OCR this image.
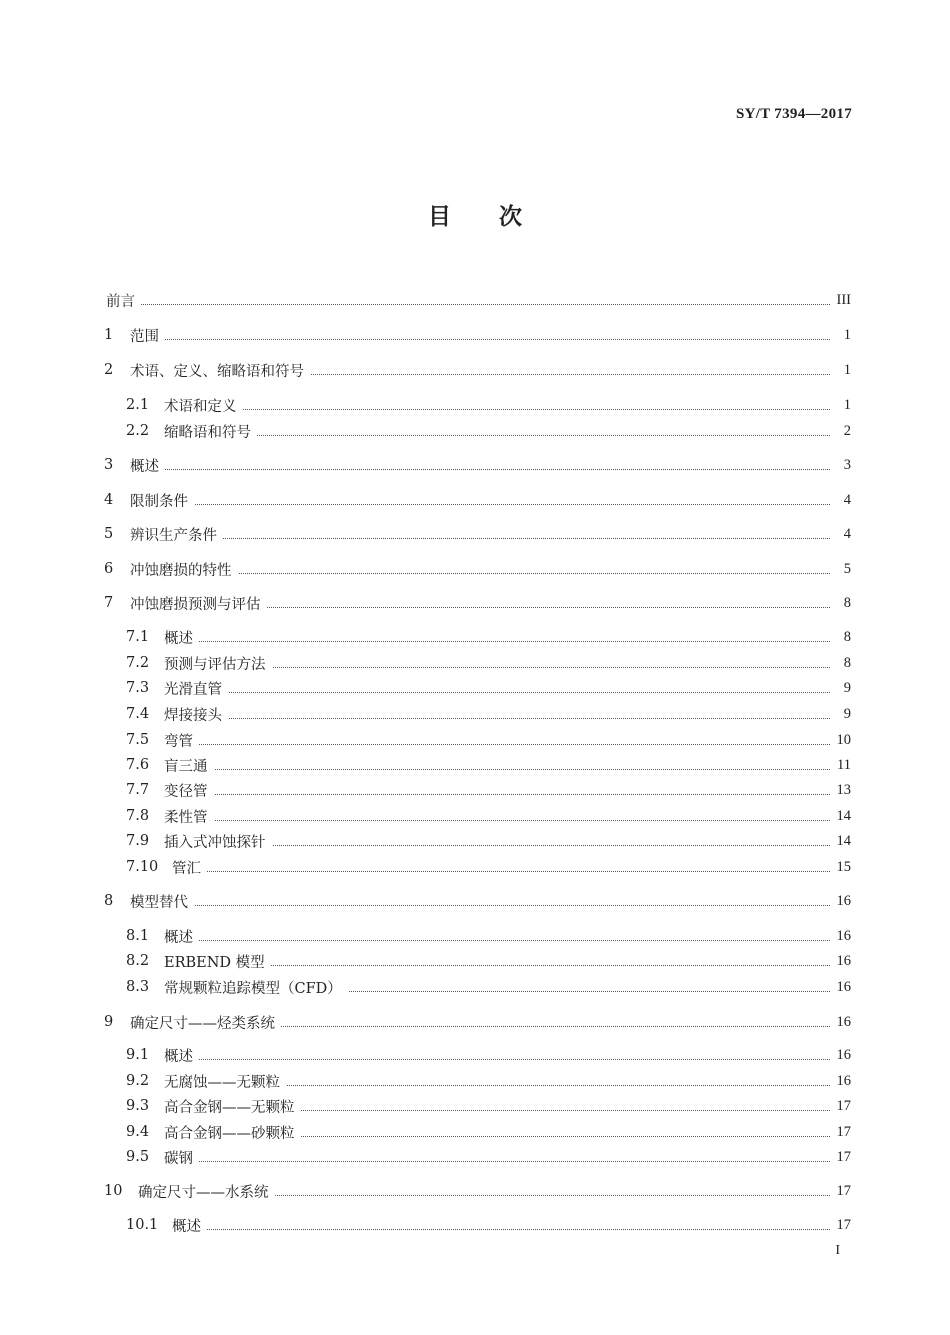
SY/T 7394—2017
目次
前言	III
1 范围	1
2 术语、定义、缩略语和符号	1
2.1 术语和定义	1
2.2 缩略语和符号	2
3 概述	3
4 限制条件	4
5 辨识生产条件	4
6 冲蚀磨损的特性	5
7 冲蚀磨损预测与评估	8
7.1 概述	8
7.2 预测与评估方法	8
7.3 光滑直管	9
7.4 焊接接头	9
7.5 弯管	10
7.6 盲三通	11
7.7 变径管	13
7.8 柔性管	14
7.9 插入式冲蚀探针	14
7.10 管汇	15
8 模型替代	16
8.1 概述	16
8.2 ERBEND 模型	16
8.3 常规颗粒追踪模型（CFD）	16
9 确定尺寸——烃类系统	16
9.1 概述	16
9.2 无腐蚀——无颗粒	16
9.3 高合金钢——无颗粒	17
9.4 高合金钢——砂颗粒	17
9.5 碳钢	17
10 确定尺寸——水系统	17
10.1 概述	17
I
